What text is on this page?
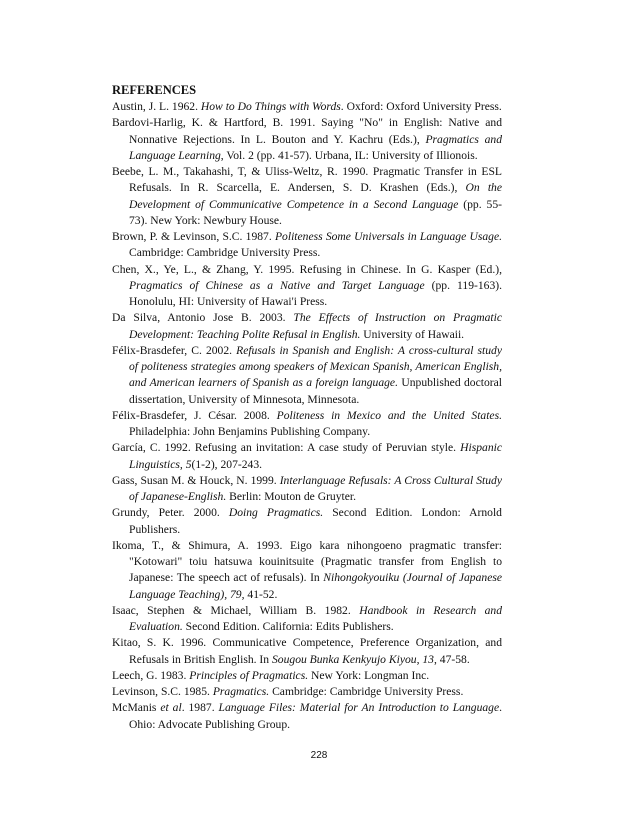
REFERENCES
Austin, J. L. 1962. How to Do Things with Words. Oxford: Oxford University Press.
Bardovi-Harlig, K. & Hartford, B. 1991. Saying "No" in English: Native and Nonnative Rejections. In L. Bouton and Y. Kachru (Eds.), Pragmatics and Language Learning, Vol. 2 (pp. 41-57). Urbana, IL: University of Illionois.
Beebe, L. M., Takahashi, T, & Uliss-Weltz, R. 1990. Pragmatic Transfer in ESL Refusals. In R. Scarcella, E. Andersen, S. D. Krashen (Eds.), On the Development of Communicative Competence in a Second Language (pp. 55-73). New York: Newbury House.
Brown, P. & Levinson, S.C. 1987. Politeness Some Universals in Language Usage. Cambridge: Cambridge University Press.
Chen, X., Ye, L., & Zhang, Y. 1995. Refusing in Chinese. In G. Kasper (Ed.), Pragmatics of Chinese as a Native and Target Language (pp. 119-163). Honolulu, HI: University of Hawai'i Press.
Da Silva, Antonio Jose B. 2003. The Effects of Instruction on Pragmatic Development: Teaching Polite Refusal in English. University of Hawaii.
Félix-Brasdefer, C. 2002. Refusals in Spanish and English: A cross-cultural study of politeness strategies among speakers of Mexican Spanish, American English, and American learners of Spanish as a foreign language. Unpublished doctoral dissertation, University of Minnesota, Minnesota.
Félix-Brasdefer, J. César. 2008. Politeness in Mexico and the United States. Philadelphia: John Benjamins Publishing Company.
García, C. 1992. Refusing an invitation: A case study of Peruvian style. Hispanic Linguistics, 5(1-2), 207-243.
Gass, Susan M. & Houck, N. 1999. Interlanguage Refusals: A Cross Cultural Study of Japanese-English. Berlin: Mouton de Gruyter.
Grundy, Peter. 2000. Doing Pragmatics. Second Edition. London: Arnold Publishers.
Ikoma, T., & Shimura, A. 1993. Eigo kara nihongoeno pragmatic transfer: "Kotowari" toiu hatsuwa kouinitsuite (Pragmatic transfer from English to Japanese: The speech act of refusals). In Nihongokyouiku (Journal of Japanese Language Teaching), 79, 41-52.
Isaac, Stephen & Michael, William B. 1982. Handbook in Research and Evaluation. Second Edition. California: Edits Publishers.
Kitao, S. K. 1996. Communicative Competence, Preference Organization, and Refusals in British English. In Sougou Bunka Kenkyujo Kiyou, 13, 47-58.
Leech, G. 1983. Principles of Pragmatics. New York: Longman Inc.
Levinson, S.C. 1985. Pragmatics. Cambridge: Cambridge University Press.
McManis et al. 1987. Language Files: Material for An Introduction to Language. Ohio: Advocate Publishing Group.
228
